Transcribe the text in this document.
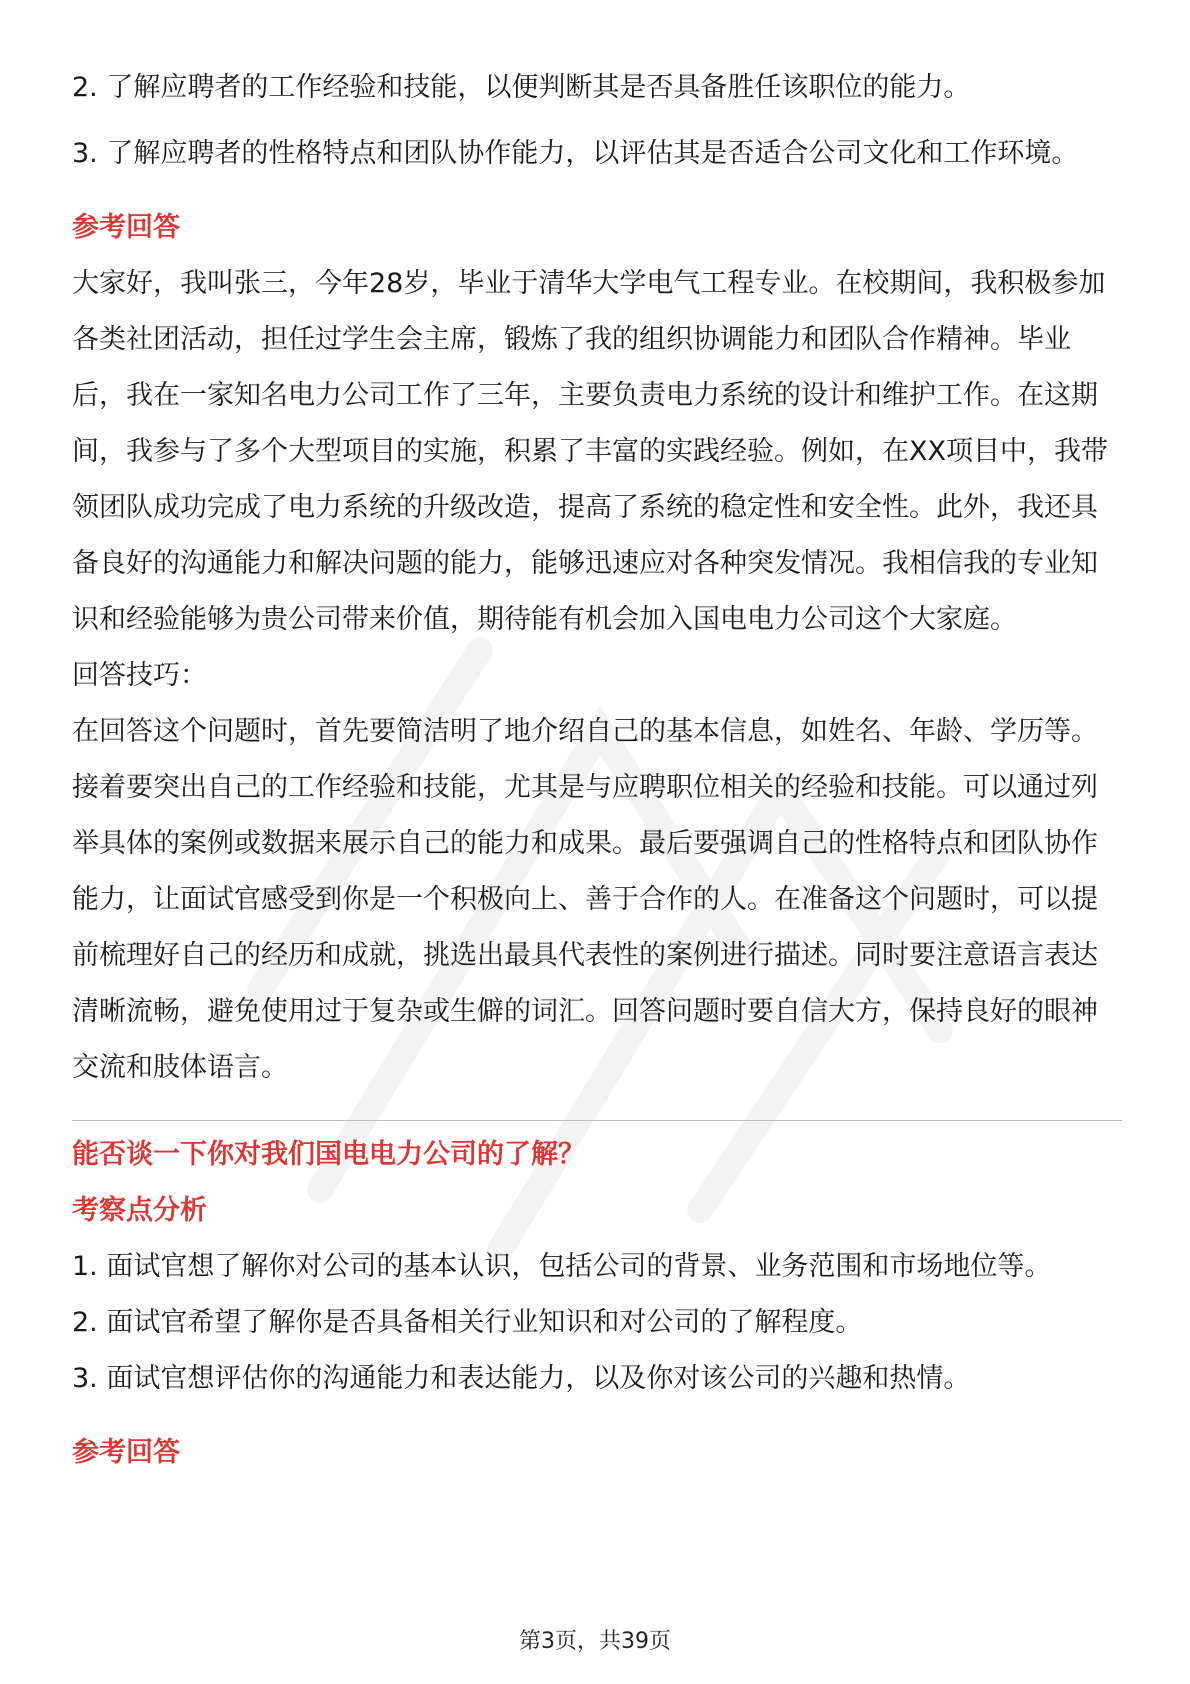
2. 了解应聘者的工作经验和技能，以便判断其是否具备胜任该职位的能力。

3. 了解应聘者的性格特点和团队协作能力，以评估其是否适合公司文化和工作环境。

参考回答

大家好，我叫张三，今年28岁，毕业于清华大学电气工程专业。在校期间，我积极参加各类社团活动，担任过学生会主席，锻炼了我的组织协调能力和团队合作精神。毕业后，我在一家知名电力公司工作了三年，主要负责电力系统的设计和维护工作。在这期间，我参与了多个大型项目的实施，积累了丰富的实践经验。例如，在XX项目中，我带领团队成功完成了电力系统的升级改造，提高了系统的稳定性和安全性。此外，我还具备良好的沟通能力和解决问题的能力，能够迅速应对各种突发情况。我相信我的专业知识和经验能够为贵公司带来价值，期待能有机会加入国电电力公司这个大家庭。

回答技巧：

在回答这个问题时，首先要简洁明了地介绍自己的基本信息，如姓名、年龄、学历等。接着要突出自己的工作经验和技能，尤其是与应聘职位相关的经验和技能。可以通过列举具体的案例或数据来展示自己的能力和成果。最后要强调自己的性格特点和团队协作能力，让面试官感受到你是一个积极向上、善于合作的人。在准备这个问题时，可以提前梳理好自己的经历和成就，挑选出最具代表性的案例进行描述。同时要注意语言表达清晰流畅，避免使用过于复杂或生僻的词汇。回答问题时要自信大方，保持良好的眼神交流和肢体语言。

能否谈一下你对我们国电电力公司的了解？

考察点分析

1. 面试官想了解你对公司的基本认识，包括公司的背景、业务范围和市场地位等。

2. 面试官希望了解你是否具备相关行业知识和对公司的了解程度。

3. 面试官想评估你的沟通能力和表达能力，以及你对该公司的兴趣和热情。

参考回答

第3页，共39页
